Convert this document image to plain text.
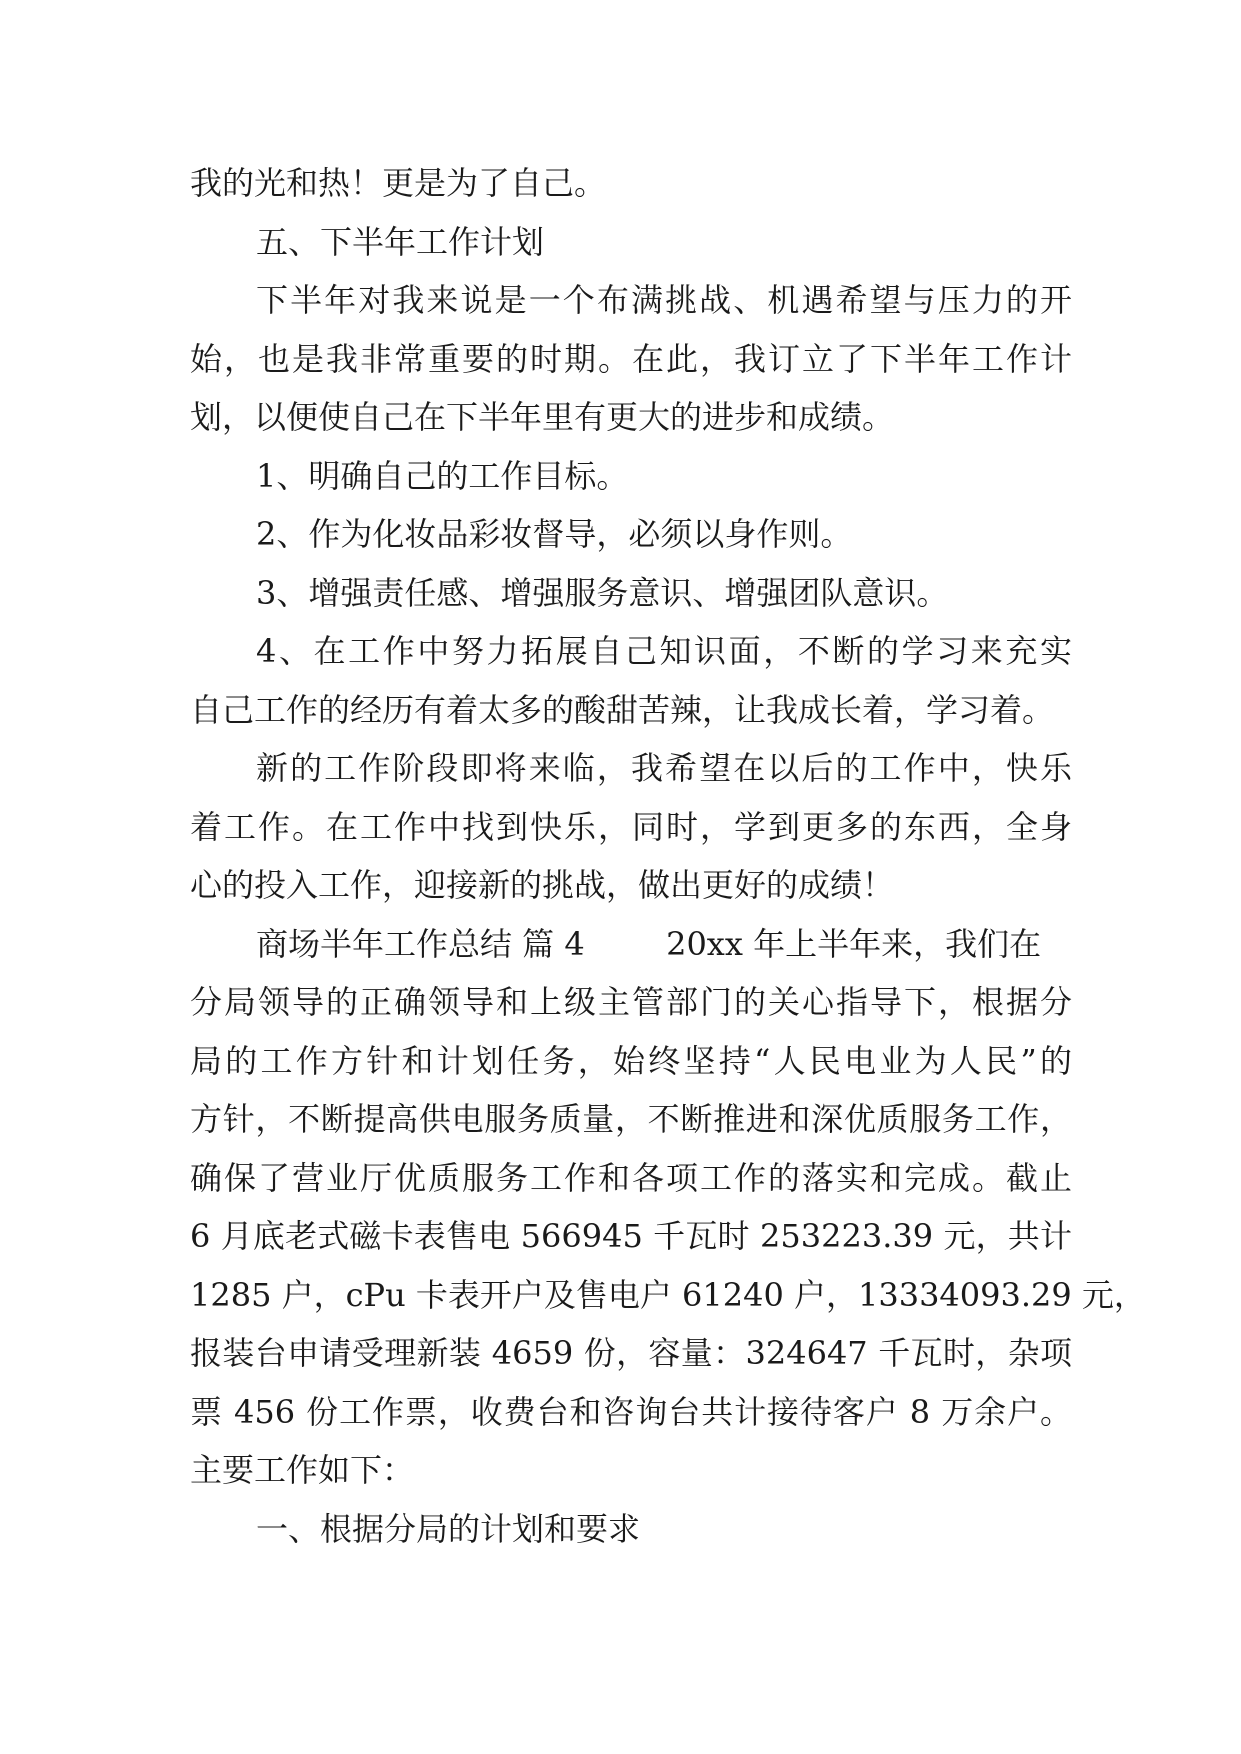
我的光和热！更是为了自己。
五、下半年工作计划
下半年对我来说是一个布满挑战、机遇希望与压力的开
始，也是我非常重要的时期。在此，我订立了下半年工作计
划，以便使自己在下半年里有更大的进步和成绩。
1、明确自己的工作目标。
2、作为化妆品彩妆督导，必须以身作则。
3、增强责任感、增强服务意识、增强团队意识。
4、在工作中努力拓展自己知识面，不断的学习来充实
自己工作的经历有着太多的酸甜苦辣，让我成长着，学习着。
新的工作阶段即将来临，我希望在以后的工作中，快乐
着工作。在工作中找到快乐，同时，学到更多的东西，全身
心的投入工作，迎接新的挑战，做出更好的成绩！
商场半年工作总结 篇 4        20xx 年上半年来，我们在
分局领导的正确领导和上级主管部门的关心指导下，根据分
局的工作方针和计划任务，始终坚持“人民电业为人民”的
方针，不断提高供电服务质量，不断推进和深优质服务工作，
确保了营业厅优质服务工作和各项工作的落实和完成。截止
6 月底老式磁卡表售电 566945 千瓦时 253223.39 元，共计
1285 户，cPu 卡表开户及售电户 61240 户，13334093.29 元，
报装台申请受理新装 4659 份，容量：324647 千瓦时，杂项
票 456 份工作票，收费台和咨询台共计接待客户 8 万余户。
主要工作如下：
一、根据分局的计划和要求
